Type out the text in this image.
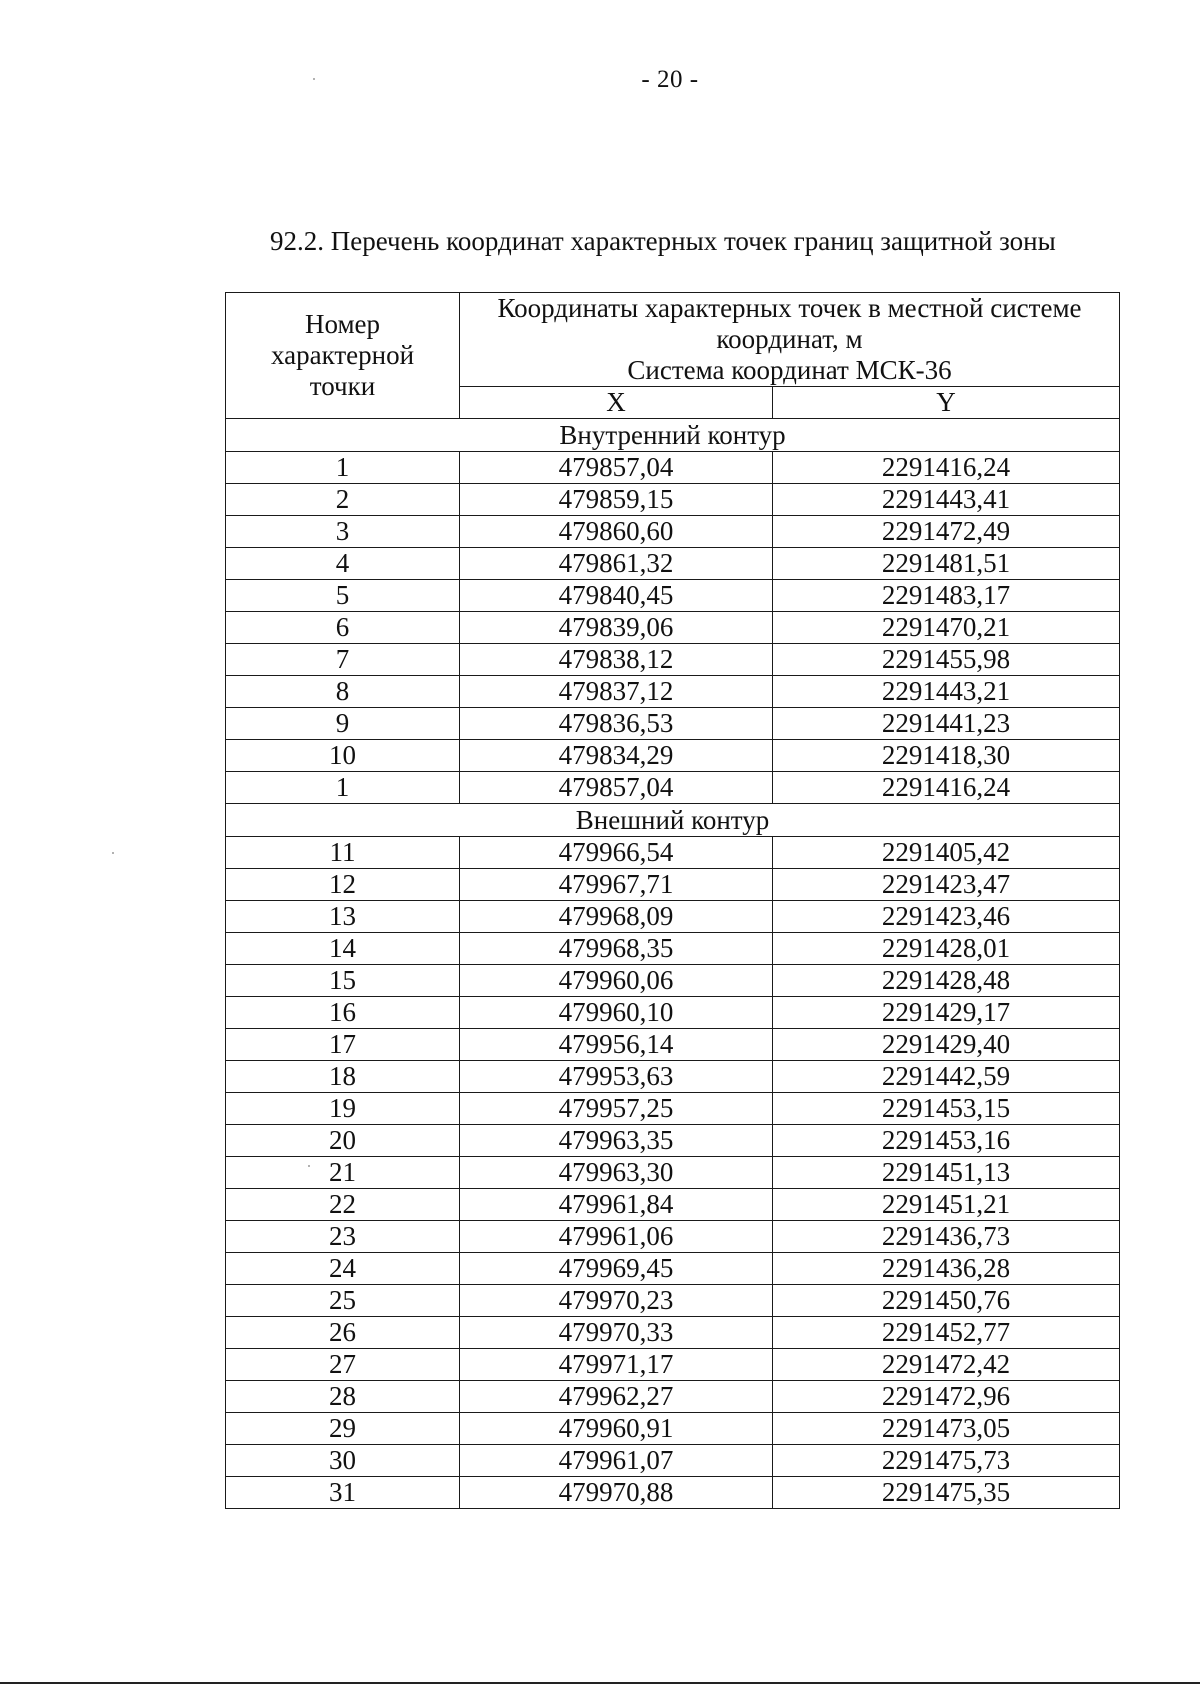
- 20 -
92.2. Перечень координат характерных точек границ защитной зоны
Номер
характерной
точки	Координаты характерных точек в местной системе
координат, м
Система координат МСК-36	

	X	Y
Внутренний контур		
1	479857,04	2291416,24
2	479859,15	2291443,41
3	479860,60	2291472,49
4	479861,32	2291481,51
5	479840,45	2291483,17
6	479839,06	2291470,21
7	479838,12	2291455,98
8	479837,12	2291443,21
9	479836,53	2291441,23
10	479834,29	2291418,30
1	479857,04	2291416,24
Внешний контур		
11	479966,54	2291405,42
12	479967,71	2291423,47
13	479968,09	2291423,46
14	479968,35	2291428,01
15	479960,06	2291428,48
16	479960,10	2291429,17
17	479956,14	2291429,40
18	479953,63	2291442,59
19	479957,25	2291453,15
20	479963,35	2291453,16
21	479963,30	2291451,13
22	479961,84	2291451,21
23	479961,06	2291436,73
24	479969,45	2291436,28
25	479970,23	2291450,76
26	479970,33	2291452,77
27	479971,17	2291472,42
28	479962,27	2291472,96
29	479960,91	2291473,05
30	479961,07	2291475,73
31	479970,88	2291475,35
